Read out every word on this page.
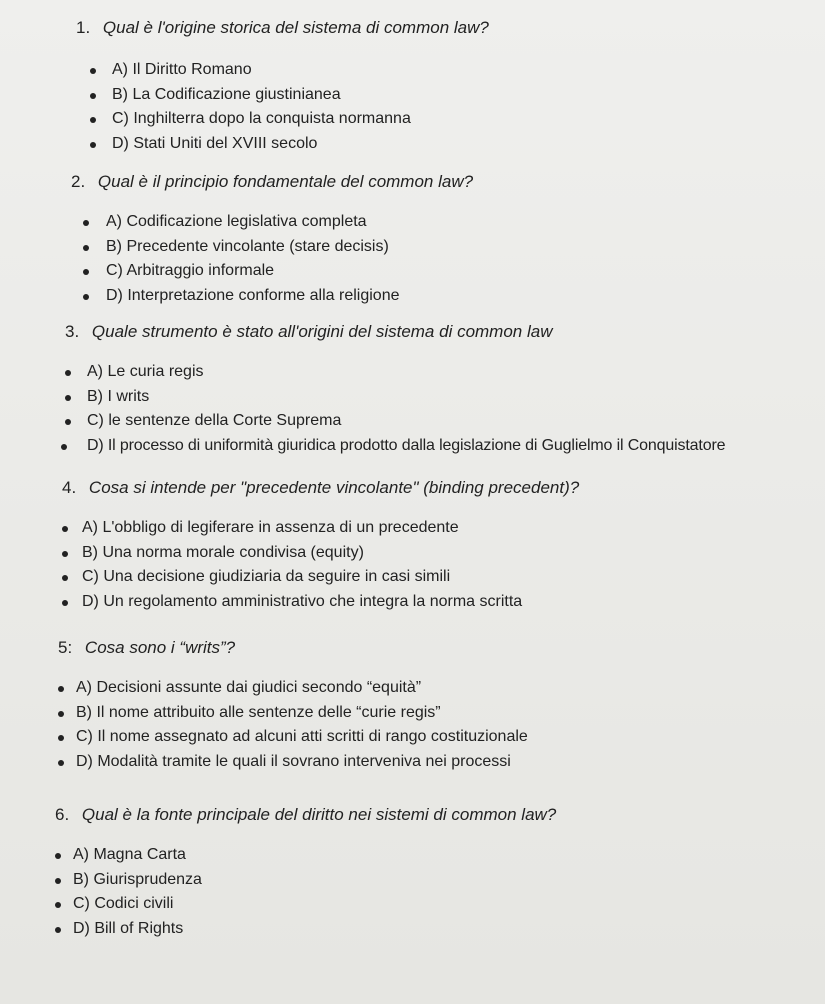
1. Qual è l'origine storica del sistema di common law?
A) Il Diritto Romano
B) La Codificazione giustinianea
C) Inghilterra dopo la conquista normanna
D) Stati Uniti del XVIII secolo
2. Qual è il principio fondamentale del common law?
A) Codificazione legislativa completa
B) Precedente vincolante (stare decisis)
C) Arbitraggio informale
D) Interpretazione conforme alla religione
3. Quale strumento è stato all'origini del sistema di common law
A) Le curia regis
B) I writs
C) le sentenze della Corte Suprema
D) Il processo di uniformità giuridica prodotto dalla legislazione di Guglielmo il Conquistatore
4. Cosa si intende per "precedente vincolante" (binding precedent)?
A) L'obbligo di legiferare in assenza di un precedente
B) Una norma morale condivisa (equity)
C) Una decisione giudiziaria da seguire in casi simili
D) Un regolamento amministrativo che integra la norma scritta
5: Cosa sono i “writs”?
A) Decisioni assunte dai giudici secondo “equità”
B) Il nome attribuito alle sentenze delle “curie regis”
C) Il nome assegnato ad alcuni atti scritti di rango costituzionale
D) Modalità tramite le quali il sovrano interveniva nei processi
6. Qual è la fonte principale del diritto nei sistemi di common law?
A) Magna Carta
B) Giurisprudenza
C) Codici civili
D) Bill of Rights
